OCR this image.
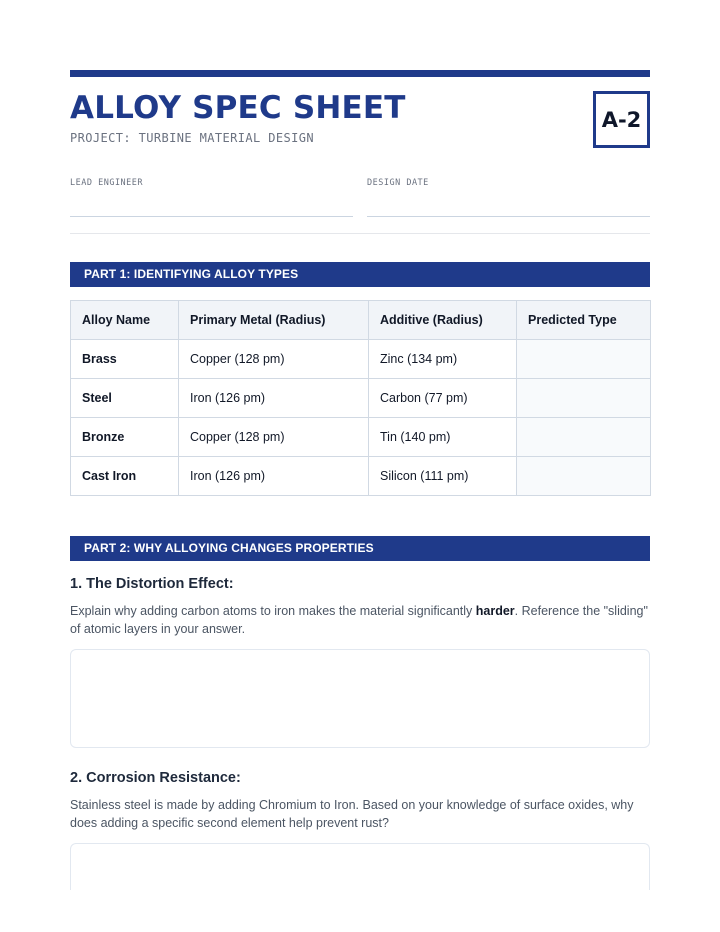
ALLOY SPEC SHEET
PROJECT: TURBINE MATERIAL DESIGN
A-2
LEAD ENGINEER	DESIGN DATE
PART 1: IDENTIFYING ALLOY TYPES
Alloy Name	Primary Metal (Radius)	Additive (Radius)	Predicted Type
Brass	Copper (128 pm)	Zinc (134 pm)	
Steel	Iron (126 pm)	Carbon (77 pm)	
Bronze	Copper (128 pm)	Tin (140 pm)	
Cast Iron	Iron (126 pm)	Silicon (111 pm)	
PART 2: WHY ALLOYING CHANGES PROPERTIES
1. The Distortion Effect:
Explain why adding carbon atoms to iron makes the material significantly harder. Reference the "sliding" of atomic layers in your answer.
2. Corrosion Resistance:
Stainless steel is made by adding Chromium to Iron. Based on your knowledge of surface oxides, why does adding a specific second element help prevent rust?
